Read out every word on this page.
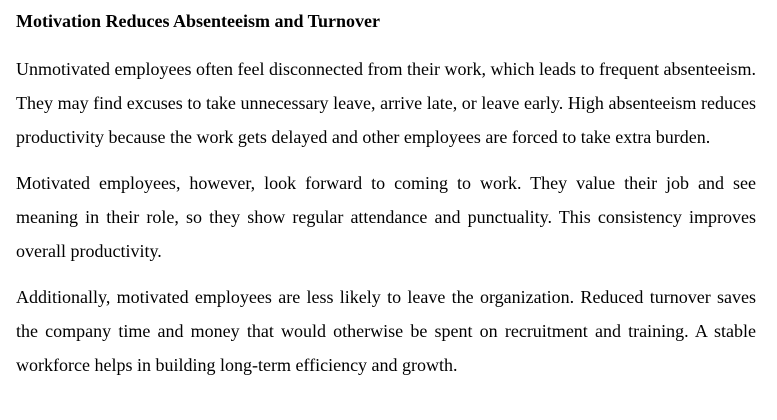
Motivation Reduces Absenteeism and Turnover

Unmotivated employees often feel disconnected from their work, which leads to frequent absenteeism. They may find excuses to take unnecessary leave, arrive late, or leave early. High absenteeism reduces productivity because the work gets delayed and other employees are forced to take extra burden.

Motivated employees, however, look forward to coming to work. They value their job and see meaning in their role, so they show regular attendance and punctuality. This consistency improves overall productivity.

Additionally, motivated employees are less likely to leave the organization. Reduced turnover saves the company time and money that would otherwise be spent on recruitment and training. A stable workforce helps in building long-term efficiency and growth.
